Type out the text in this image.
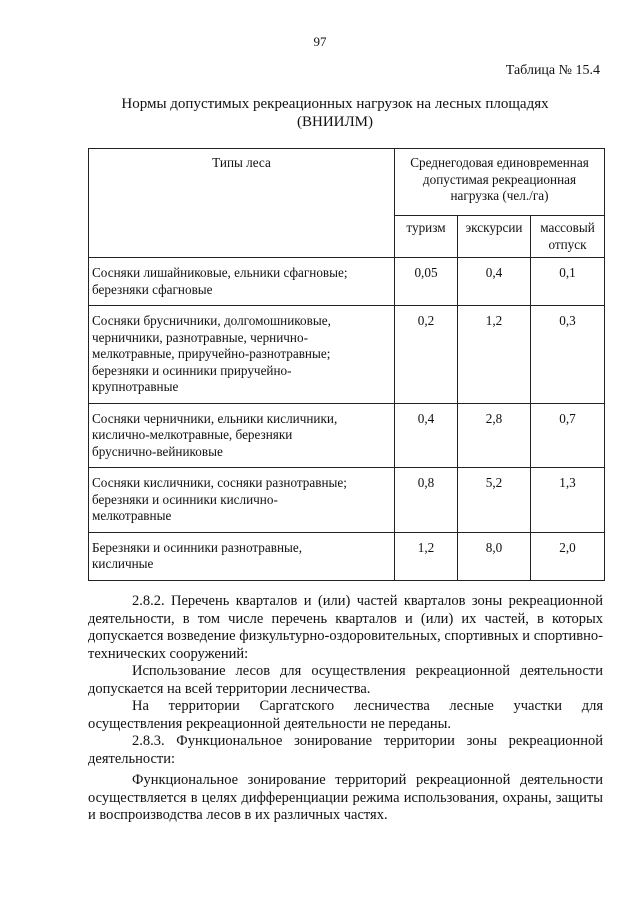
97
Таблица № 15.4
Нормы допустимых рекреационных нагрузок на лесных площадях
(ВНИИЛМ)
Типы леса	Среднегодовая единовременная
допустимая рекреационная
нагрузка (чел./га)		

	туризм	экскурсии	массовый
отпуск

Сосняки лишайниковые, ельники сфагновые;
березняки сфагновые	0,05	0,4	0,1

Сосняки брусничники, долгомошниковые,
черничники, разнотравные, чернично-
мелкотравные, приручейно-разнотравные;
березняки и осинники приручейно-
крупнотравные	0,2	1,2	0,3

Сосняки черничники, ельники кисличники,
кислично-мелкотравные, березняки
бруснично-вейниковые	0,4	2,8	0,7

Сосняки кисличники, сосняки разнотравные;
березняки и осинники кислично-
мелкотравные	0,8	5,2	1,3

Березняки и осинники разнотравные,
кисличные	1,2	8,0	2,0

2.8.2. Перечень кварталов и (или) частей кварталов зоны рекреационной деятельности, в том числе перечень кварталов и (или) их частей, в которых допускается возведение физкультурно-оздоровительных, спортивных и спортивно-технических сооружений:

Использование лесов для осуществления рекреационной деятельности допускается на всей территории лесничества.

На территории Саргатского лесничества лесные участки для осуществления рекреационной деятельности не переданы.

2.8.3. Функциональное зонирование территории зоны рекреационной деятельности:

Функциональное зонирование территорий рекреационной деятельности осуществляется в целях дифференциации режима использования, охраны, защиты и воспроизводства лесов в их различных частях.
